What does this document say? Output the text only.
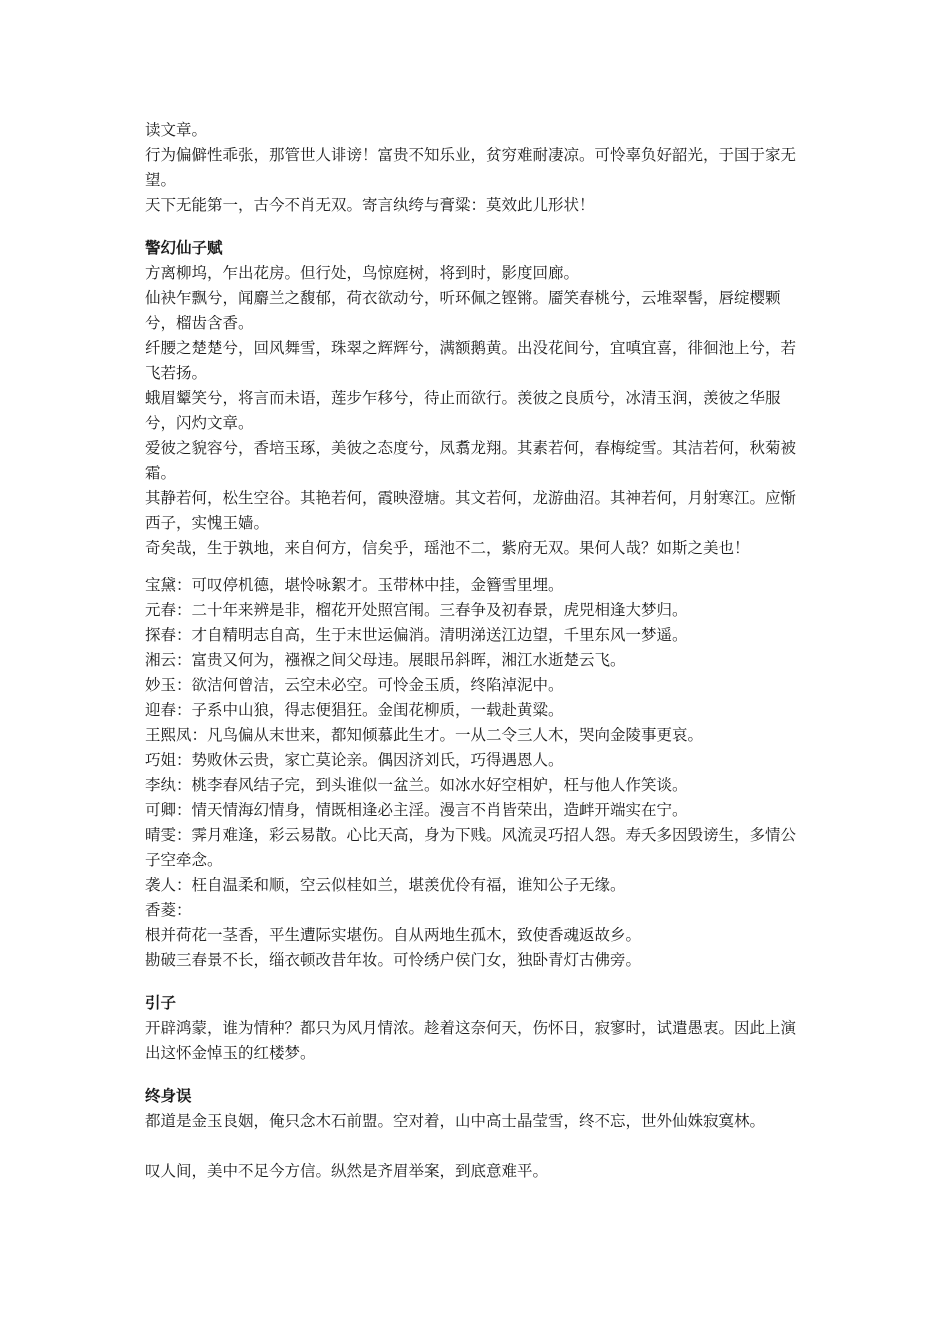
读文章。

行为偏僻性乖张，那管世人诽谤！富贵不知乐业，贫穷难耐凄凉。可怜辜负好韶光，于国于家无望。

天下无能第一，古今不肖无双。寄言纨绔与膏粱：莫效此儿形状！

警幻仙子赋

方离柳坞，乍出花房。但行处，鸟惊庭树，将到时，影度回廊。

仙袂乍飘兮，闻麝兰之馥郁，荷衣欲动兮，听环佩之铿锵。靥笑春桃兮，云堆翠髻，唇绽樱颗兮，榴齿含香。

纤腰之楚楚兮，回风舞雪，珠翠之辉辉兮，满额鹅黄。出没花间兮，宜嗔宜喜，徘徊池上兮，若飞若扬。

蛾眉颦笑兮，将言而未语，莲步乍移兮，待止而欲行。羡彼之良质兮，冰清玉润，羡彼之华服兮，闪灼文章。

爱彼之貌容兮，香培玉琢，美彼之态度兮，凤翥龙翔。其素若何，春梅绽雪。其洁若何，秋菊被霜。

其静若何，松生空谷。其艳若何，霞映澄塘。其文若何，龙游曲沼。其神若何，月射寒江。应惭西子，实愧王嫱。

奇矣哉，生于孰地，来自何方，信矣乎，瑶池不二，紫府无双。果何人哉？如斯之美也！

宝黛：可叹停机德，堪怜咏絮才。玉带林中挂，金簪雪里埋。

元春：二十年来辨是非，榴花开处照宫闱。三春争及初春景，虎兕相逢大梦归。

探春：才自精明志自高，生于末世运偏消。清明涕送江边望，千里东风一梦遥。

湘云：富贵又何为，襁褓之间父母违。展眼吊斜晖，湘江水逝楚云飞。

妙玉：欲洁何曾洁，云空未必空。可怜金玉质，终陷淖泥中。

迎春：子系中山狼，得志便猖狂。金闺花柳质，一载赴黄粱。

王熙凤：凡鸟偏从末世来，都知倾慕此生才。一从二令三人木，哭向金陵事更哀。

巧姐：势败休云贵，家亡莫论亲。偶因济刘氏，巧得遇恩人。

李纨：桃李春风结子完，到头谁似一盆兰。如冰水好空相妒，枉与他人作笑谈。

可卿：情天情海幻情身，情既相逢必主淫。漫言不肖皆荣出，造衅开端实在宁。

晴雯：霁月难逢，彩云易散。心比天高，身为下贱。风流灵巧招人怨。寿夭多因毁谤生，多情公子空牵念。

袭人：枉自温柔和顺，空云似桂如兰，堪羡优伶有福，谁知公子无缘。

香菱：

根并荷花一茎香，平生遭际实堪伤。自从两地生孤木，致使香魂返故乡。

勘破三春景不长，缁衣顿改昔年妆。可怜绣户侯门女，独卧青灯古佛旁。

引子

开辟鸿蒙，谁为情种？都只为风月情浓。趁着这奈何天，伤怀日，寂寥时，试遣愚衷。因此上演出这怀金悼玉的红楼梦。

终身误

都道是金玉良姻，俺只念木石前盟。空对着，山中高士晶莹雪，终不忘，世外仙姝寂寞林。

叹人间，美中不足今方信。纵然是齐眉举案，到底意难平。
